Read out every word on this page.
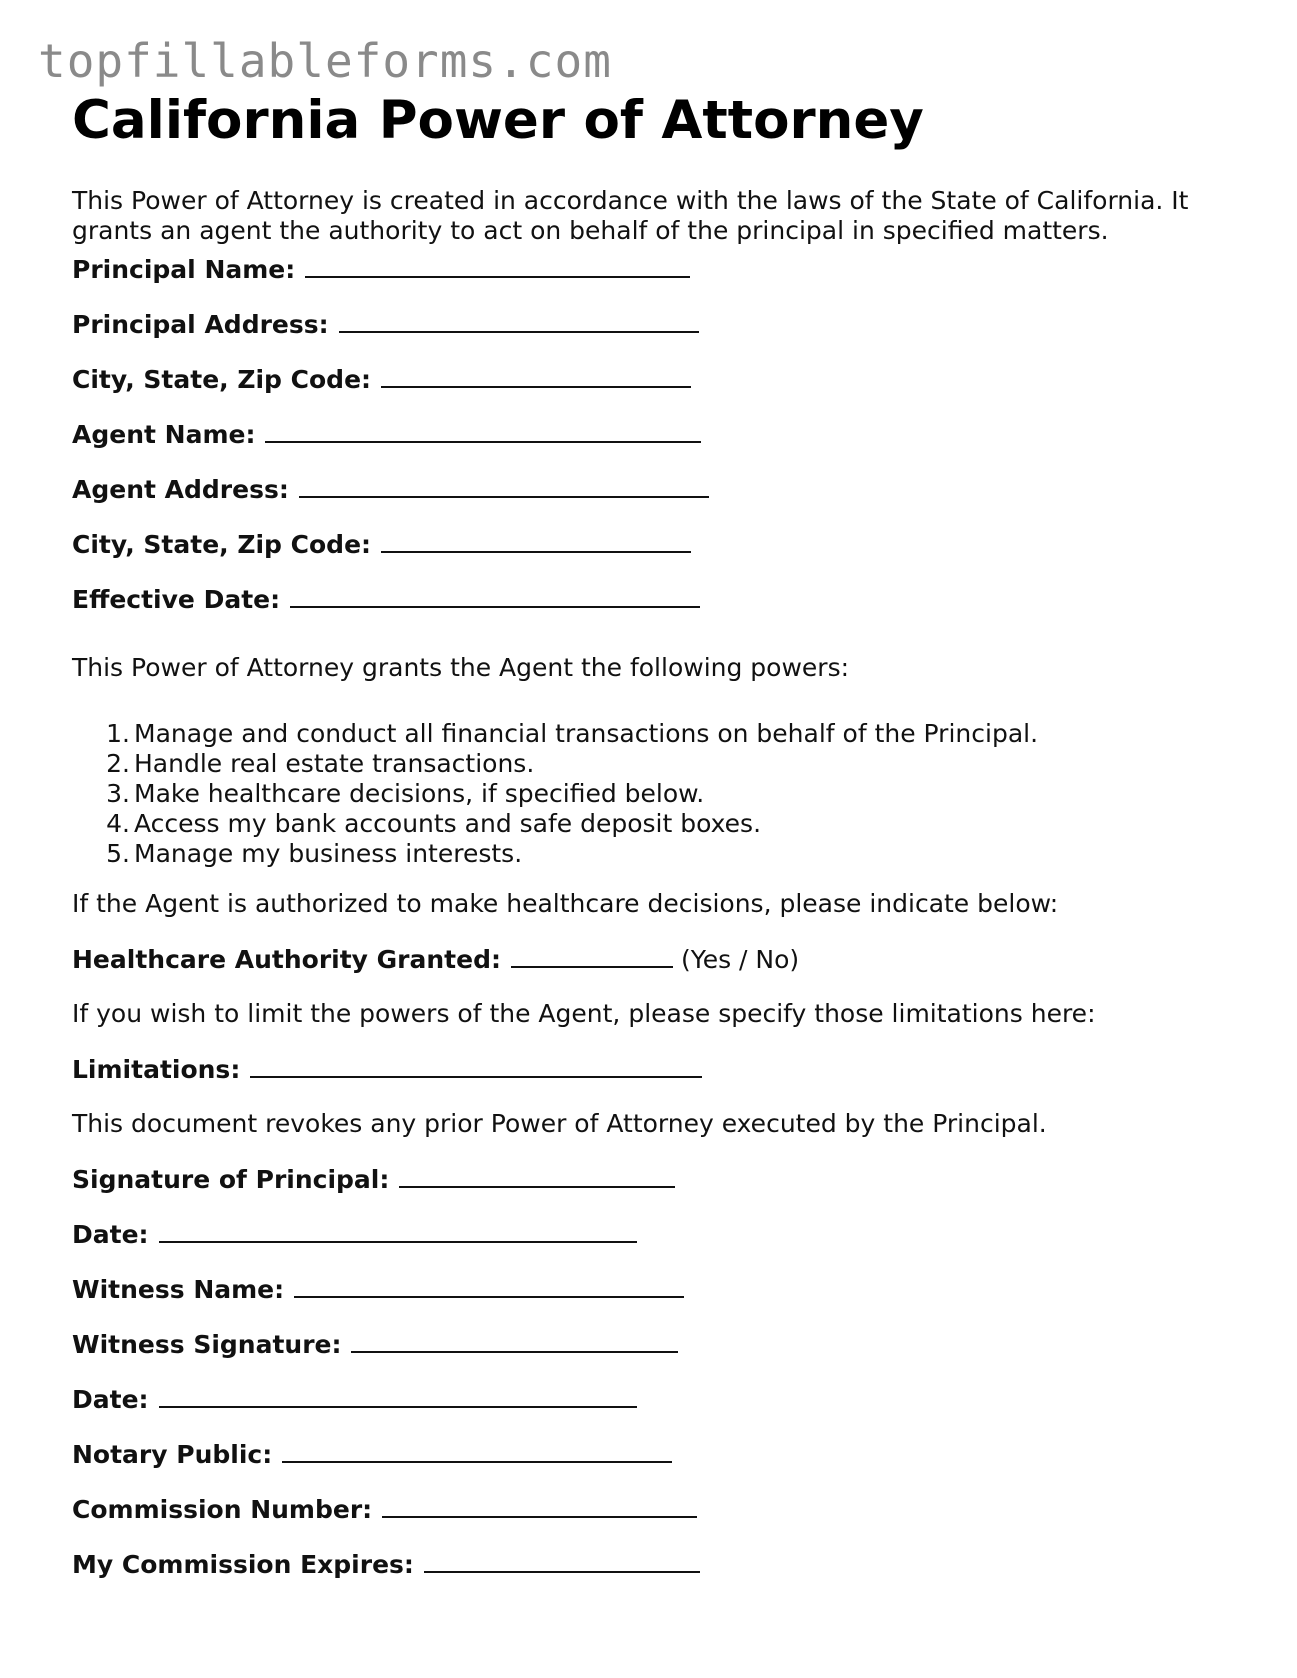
topfillableforms.com
California Power of Attorney

This Power of Attorney is created in accordance with the laws of the State of California. It grants an agent the authority to act on behalf of the principal in specified matters.

Principal Name:
Principal Address:
City, State, Zip Code:
Agent Name:
Agent Address:
City, State, Zip Code:
Effective Date:

This Power of Attorney grants the Agent the following powers:

1. Manage and conduct all financial transactions on behalf of the Principal.
2. Handle real estate transactions.
3. Make healthcare decisions, if specified below.
4. Access my bank accounts and safe deposit boxes.
5. Manage my business interests.

If the Agent is authorized to make healthcare decisions, please indicate below:

Healthcare Authority Granted:	(Yes / No)

If you wish to limit the powers of the Agent, please specify those limitations here:

Limitations:

This document revokes any prior Power of Attorney executed by the Principal.

Signature of Principal:
Date:
Witness Name:
Witness Signature:
Date:
Notary Public:
Commission Number:
My Commission Expires:
